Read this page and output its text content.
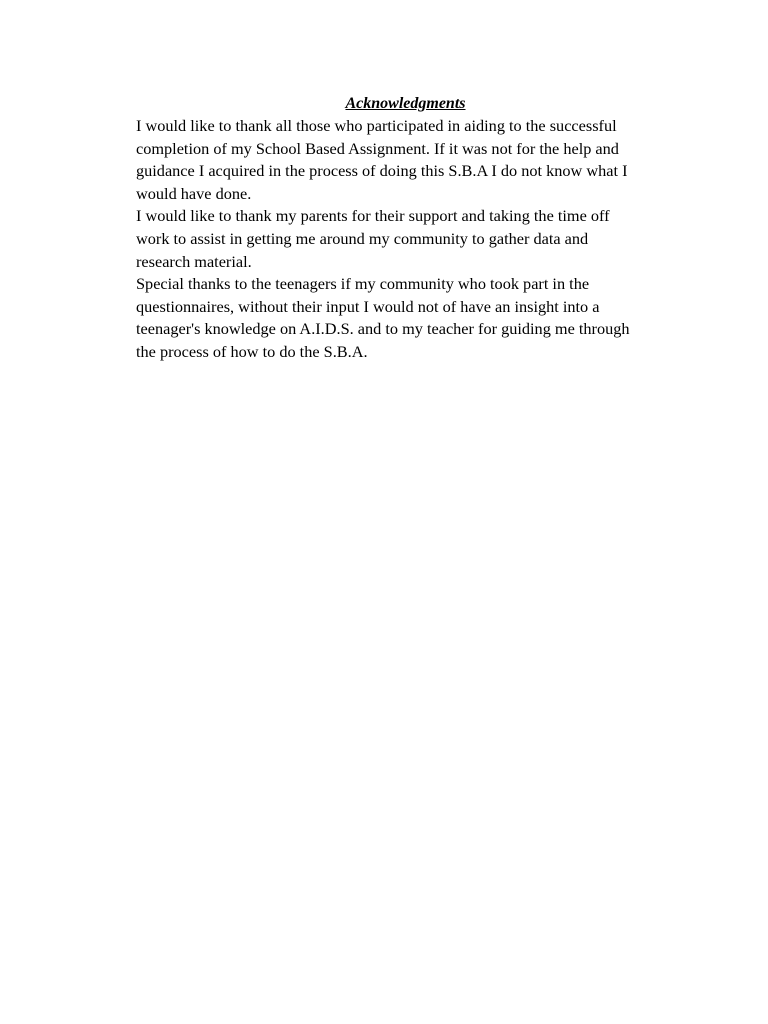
Acknowledgments

I would like to thank all those who participated in aiding to the successful
completion of my School Based Assignment. If it was not for the help and
guidance I acquired in the process of doing this S.B.A I do not know what I
would have done.

I would like to thank my parents for their support and taking the time off
work to assist in getting me around my community to gather data and
research material.

Special thanks to the teenagers if my community who took part in the
questionnaires, without their input I would not of have an insight into a
teenager's knowledge on A.I.D.S. and to my teacher for guiding me through
the process of how to do the S.B.A.
